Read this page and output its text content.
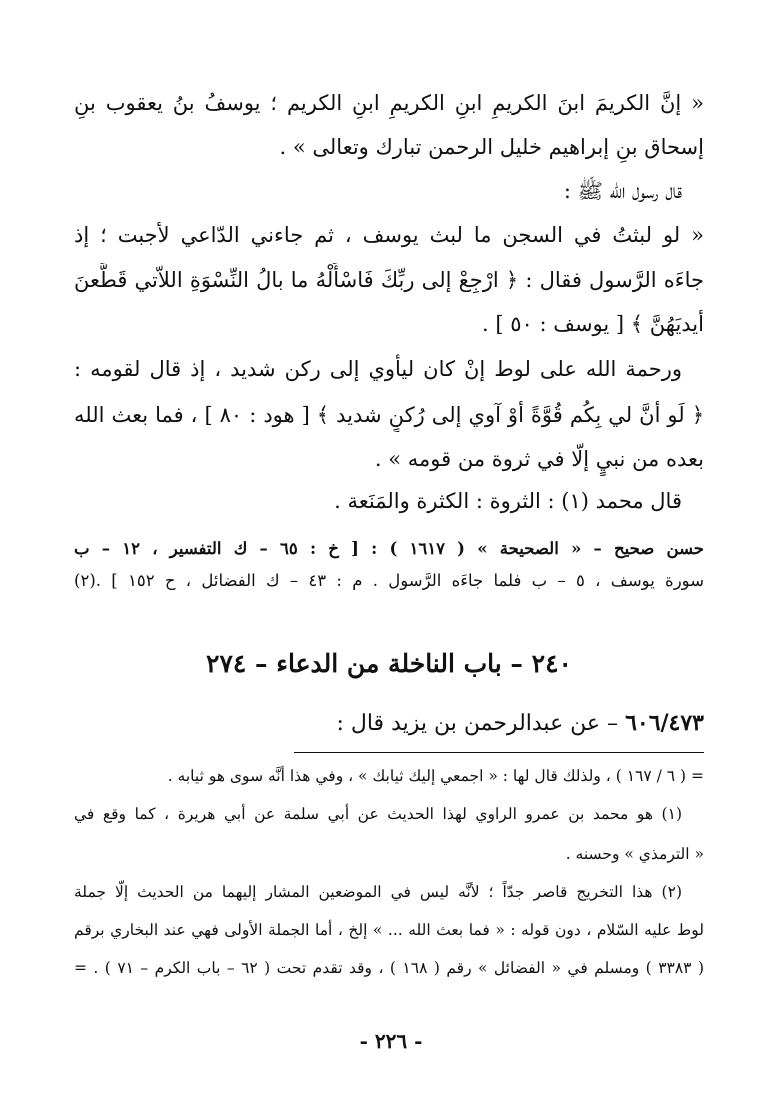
« إنَّ الكريمَ ابنَ الكريمِ ابنِ الكريمِ ابنِ الكريم ؛ يوسفُ بنُ يعقوب بنِ
إسحاق بنِ إبراهيم خليل الرحمن تبارك وتعالى » .
قال رسول الله ﷺ :
« لو لبثتُ في السجن ما لبث يوسف ، ثم جاءني الدّاعي لأجبت ؛ إذ
جاءَه الرَّسول فقال : ﴿ ارْجِعْ إلى ربِّكَ فَاسْأَلْهُ ما بالُ النِّسْوَةِ اللاّتي قَطَّعنَ
أيديَهُنَّ ﴾ [ يوسف : ٥٠ ] .
ورحمة الله على لوط إنْ كان ليأوي إلى ركن شديد ، إذ قال لقومه :
﴿ لَو أنَّ لي بِكُم قُوَّةً أوْ آوي إلى رُكنٍ شديد ﴾ [ هود : ٨٠ ] ، فما بعث الله
بعده من نبيٍ إلّا في ثروة من قومه » .
قال محمد (١) : الثروة : الكثرة والمَنَعة .
حسن صحيح – « الصحيحة » ( ١٦١٧ ) : [ خ : ٦٥ – ك التفسير ، ١٢ – ب
سورة يوسف ، ٥ – ب فلما جاءَه الرَّسول . م : ٤٣ – ك الفضائل ، ح ١٥٢ ] .(٢)
٢٤٠ – باب الناخلة من الدعاء – ٢٧٤
٦٠٦/٤٧٣ – عن عبدالرحمن بن يزيد قال :
= ( ٦ / ١٦٧ ) ، ولذلك قال لها : « اجمعي إليك ثيابك » ، وفي هذا أنَّه سوى هو ثيابه .
(١) هو محمد بن عمرو الراوي لهذا الحديث عن أبي سلمة عن أبي هريرة ، كما وقع في
« الترمذي » وحسنه .
(٢) هذا التخريج قاصر جدّاً ؛ لأنَّه ليس في الموضعين المشار إليهما من الحديث إلّا جملة
لوط عليه السّلام ، دون قوله : « فما بعث الله ... » إلخ ، أما الجملة الأولى فهي عند البخاري برقم
( ٣٣٨٣ ) ومسلم في « الفضائل » رقم ( ١٦٨ ) ، وقد تقدم تحت ( ٦٢ – باب الكرم – ٧١ ) . =
- ٢٢٦ -
